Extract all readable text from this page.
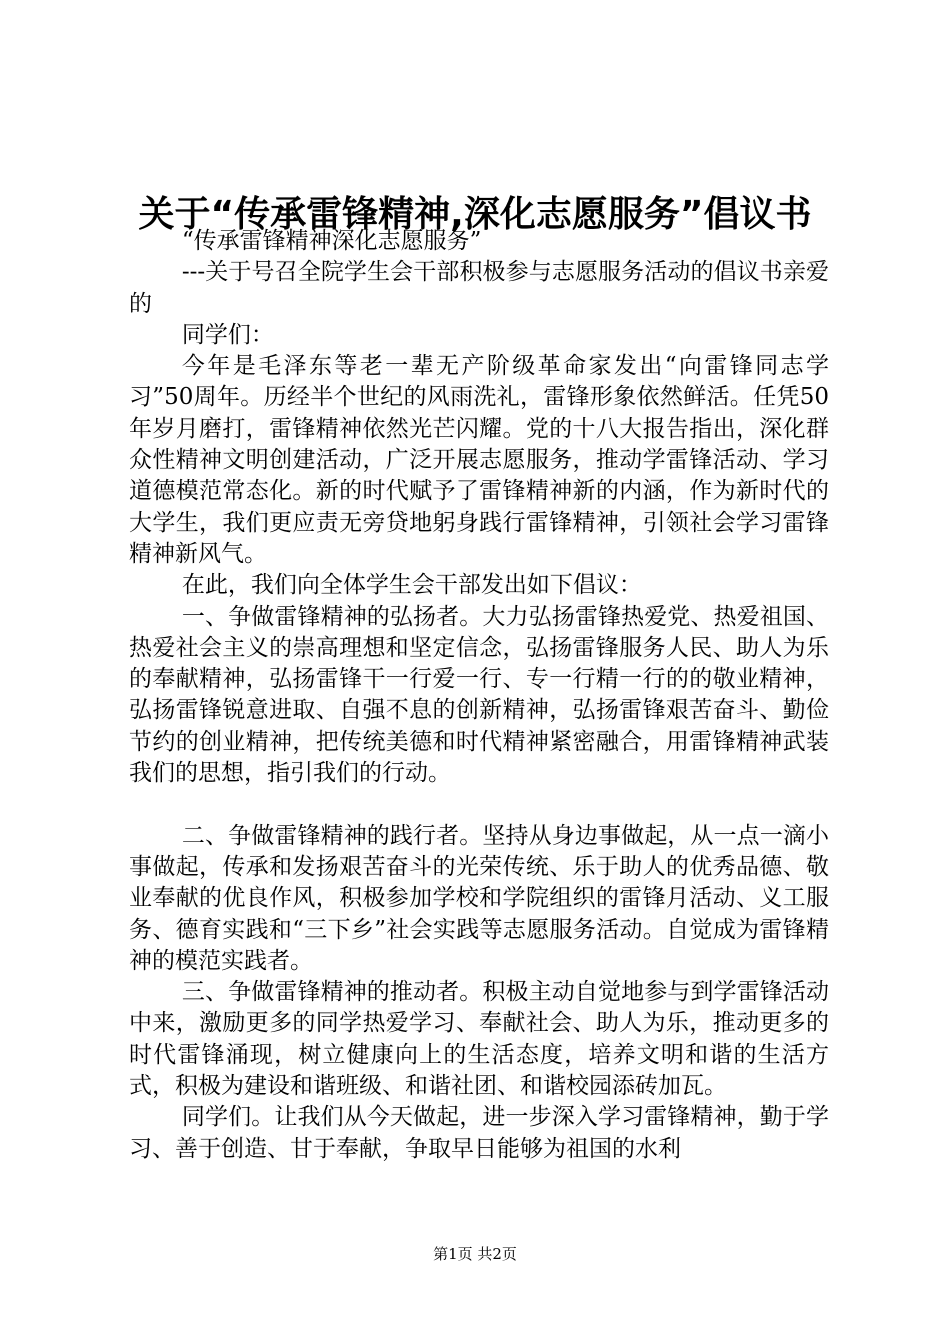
关于“传承雷锋精神,深化志愿服务”倡议书

“传承雷锋精神深化志愿服务”

---关于号召全院学生会干部积极参与志愿服务活动的倡议书亲爱的

同学们：

今年是毛泽东等老一辈无产阶级革命家发出“向雷锋同志学习”50周年。历经半个世纪的风雨洗礼，雷锋形象依然鲜活。任凭50年岁月磨打，雷锋精神依然光芒闪耀。党的十八大报告指出，深化群众性精神文明创建活动，广泛开展志愿服务，推动学雷锋活动、学习道德模范常态化。新的时代赋予了雷锋精神新的内涵，作为新时代的大学生，我们更应责无旁贷地躬身践行雷锋精神，引领社会学习雷锋精神新风气。

在此，我们向全体学生会干部发出如下倡议：

一、争做雷锋精神的弘扬者。大力弘扬雷锋热爱党、热爱祖国、热爱社会主义的崇高理想和坚定信念，弘扬雷锋服务人民、助人为乐的奉献精神，弘扬雷锋干一行爱一行、专一行精一行的的敬业精神，弘扬雷锋锐意进取、自强不息的创新精神，弘扬雷锋艰苦奋斗、勤俭节约的创业精神，把传统美德和时代精神紧密融合，用雷锋精神武装我们的思想，指引我们的行动。

二、争做雷锋精神的践行者。坚持从身边事做起，从一点一滴小事做起，传承和发扬艰苦奋斗的光荣传统、乐于助人的优秀品德、敬业奉献的优良作风，积极参加学校和学院组织的雷锋月活动、义工服务、德育实践和“三下乡”社会实践等志愿服务活动。自觉成为雷锋精神的模范实践者。

三、争做雷锋精神的推动者。积极主动自觉地参与到学雷锋活动中来，激励更多的同学热爱学习、奉献社会、助人为乐，推动更多的时代雷锋涌现，树立健康向上的生活态度，培养文明和谐的生活方式，积极为建设和谐班级、和谐社团、和谐校园添砖加瓦。

同学们。让我们从今天做起，进一步深入学习雷锋精神，勤于学习、善于创造、甘于奉献，争取早日能够为祖国的水利

第1页 共2页
